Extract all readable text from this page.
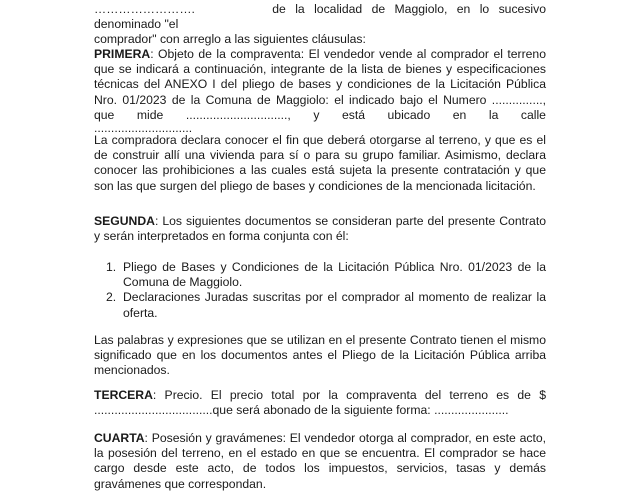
…………………….	de la localidad de Maggiolo, en lo sucesivo denominado "el

comprador" con arreglo a las siguientes cláusulas:

PRIMERA: Objeto de la compraventa: El vendedor vende al comprador el terreno

que se indicará a continuación, integrante de la lista de bienes y especificaciones

técnicas del ANEXO I del pliego de bases y condiciones de la Licitación Pública

Nro. 01/2023 de la Comuna de Maggiolo: el indicado bajo el Numero ...............,

que mide .............................., y está ubicado en la calle

.............................

La compradora declara conocer el fin que deberá otorgarse al terreno, y que es el de construir allí una vivienda para sí o para su grupo familiar. Asimismo, declara conocer las prohibiciones a las cuales está sujeta la presente contratación y que son las que surgen del pliego de bases y condiciones de la mencionada licitación.

SEGUNDA: Los siguientes documentos se consideran parte del presente Contrato y serán interpretados en forma conjunta con él:

1. Pliego de Bases y Condiciones de la Licitación Pública Nro. 01/2023 de la Comuna de Maggiolo.
2. Declaraciones Juradas suscritas por el comprador al momento de realizar la oferta.

Las palabras y expresiones que se utilizan en el presente Contrato tienen el mismo significado que en los documentos antes el Pliego de la Licitación Pública arriba mencionados.

TERCERA: Precio. El precio total por la compraventa del terreno es de $

...................................que será abonado de la siguiente forma: ......................

CUARTA: Posesión y gravámenes: El vendedor otorga al comprador, en este acto, la posesión del terreno, en el estado en que se encuentra. El comprador se hace cargo desde este acto, de todos los impuestos, servicios, tasas y demás gravámenes que correspondan.
